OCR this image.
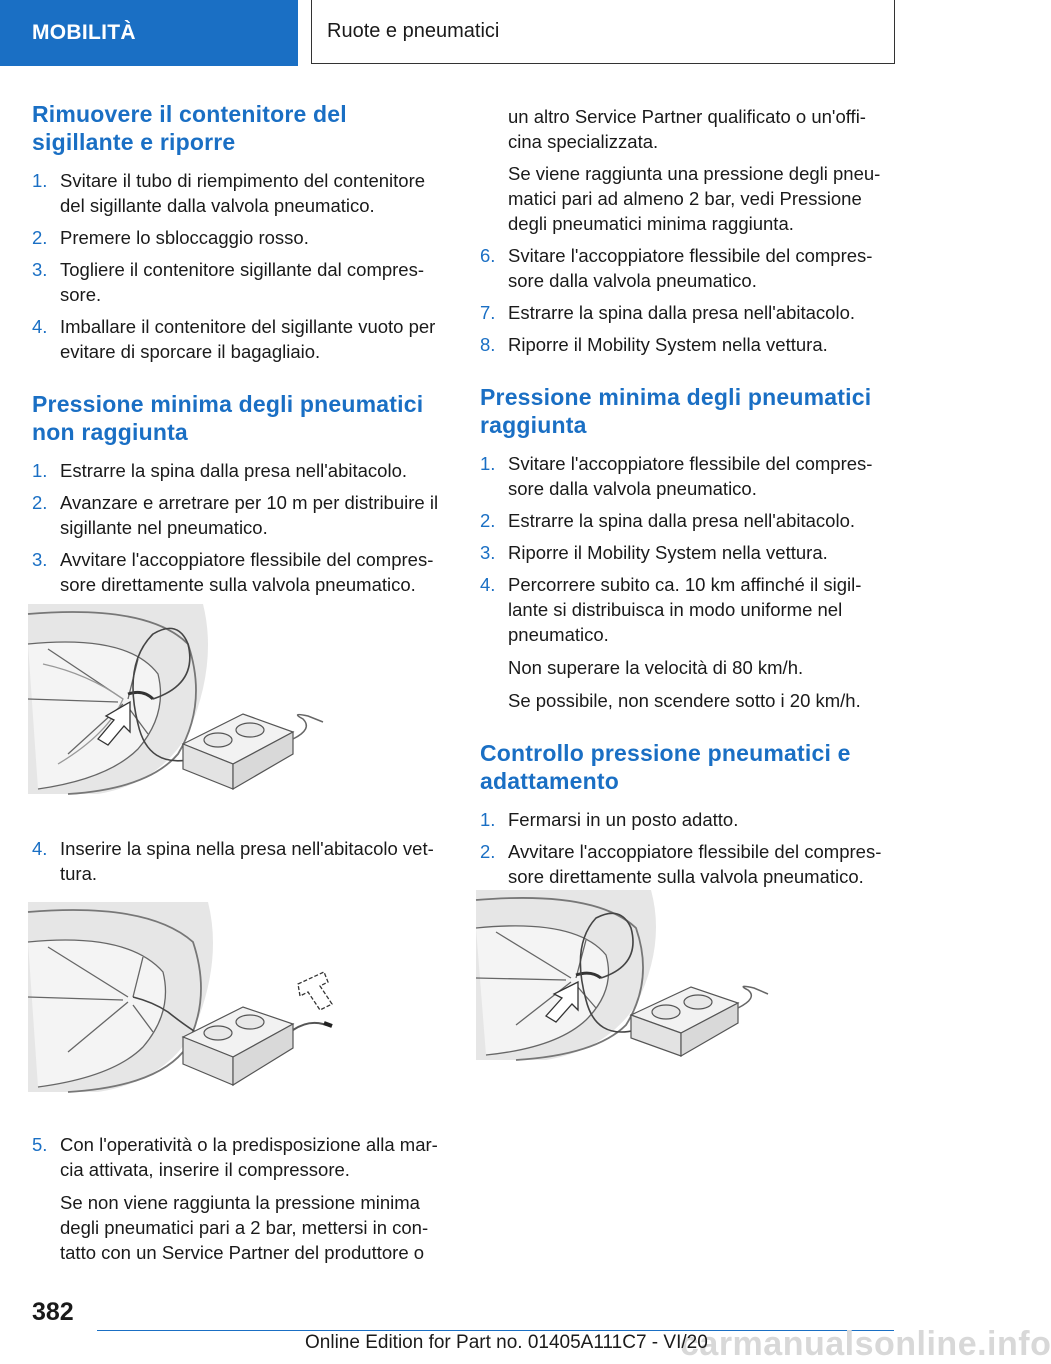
MOBILITÀ	Ruote e pneumatici
Rimuovere il contenitore del sigillante e riporre
1. Svitare il tubo di riempimento del contenitore del sigillante dalla valvola pneumatico.
2. Premere lo sbloccaggio rosso.
3. Togliere il contenitore sigillante dal compres- sore.
4. Imballare il contenitore del sigillante vuoto per evitare di sporcare il bagagliaio.
Pressione minima degli pneumatici non raggiunta
1. Estrarre la spina dalla presa nell'abitacolo.
2. Avanzare e arretrare per 10 m per distribuire il sigillante nel pneumatico.
3. Avvitare l'accoppiatore flessibile del compres- sore direttamente sulla valvola pneumatico.
4. Inserire la spina nella presa nell'abitacolo vet- tura.
5. Con l'operatività o la predisposizione alla mar- cia attivata, inserire il compressore.

Se non viene raggiunta la pressione minima degli pneumatici pari a 2 bar, mettersi in con- tatto con un Service Partner del produttore o

un altro Service Partner qualificato o un'offi- cina specializzata.

Se viene raggiunta una pressione degli pneu- matici pari ad almeno 2 bar, vedi Pressione degli pneumatici minima raggiunta.

6. Svitare l'accoppiatore flessibile del compres- sore dalla valvola pneumatico.
7. Estrarre la spina dalla presa nell'abitacolo.
8. Riporre il Mobility System nella vettura.
Pressione minima degli pneumatici raggiunta
1. Svitare l'accoppiatore flessibile del compres- sore dalla valvola pneumatico.
2. Estrarre la spina dalla presa nell'abitacolo.
3. Riporre il Mobility System nella vettura.
4. Percorrere subito ca. 10 km affinché il sigil- lante si distribuisca in modo uniforme nel pneumatico.

Non superare la velocità di 80 km/h.

Se possibile, non scendere sotto i 20 km/h.

Controllo pressione pneumatici e adattamento
1. Fermarsi in un posto adatto.
2. Avvitare l'accoppiatore flessibile del compres- sore direttamente sulla valvola pneumatico.
382
carmanualsonline.info
Online Edition for Part no. 01405A111C7 - VI/20
